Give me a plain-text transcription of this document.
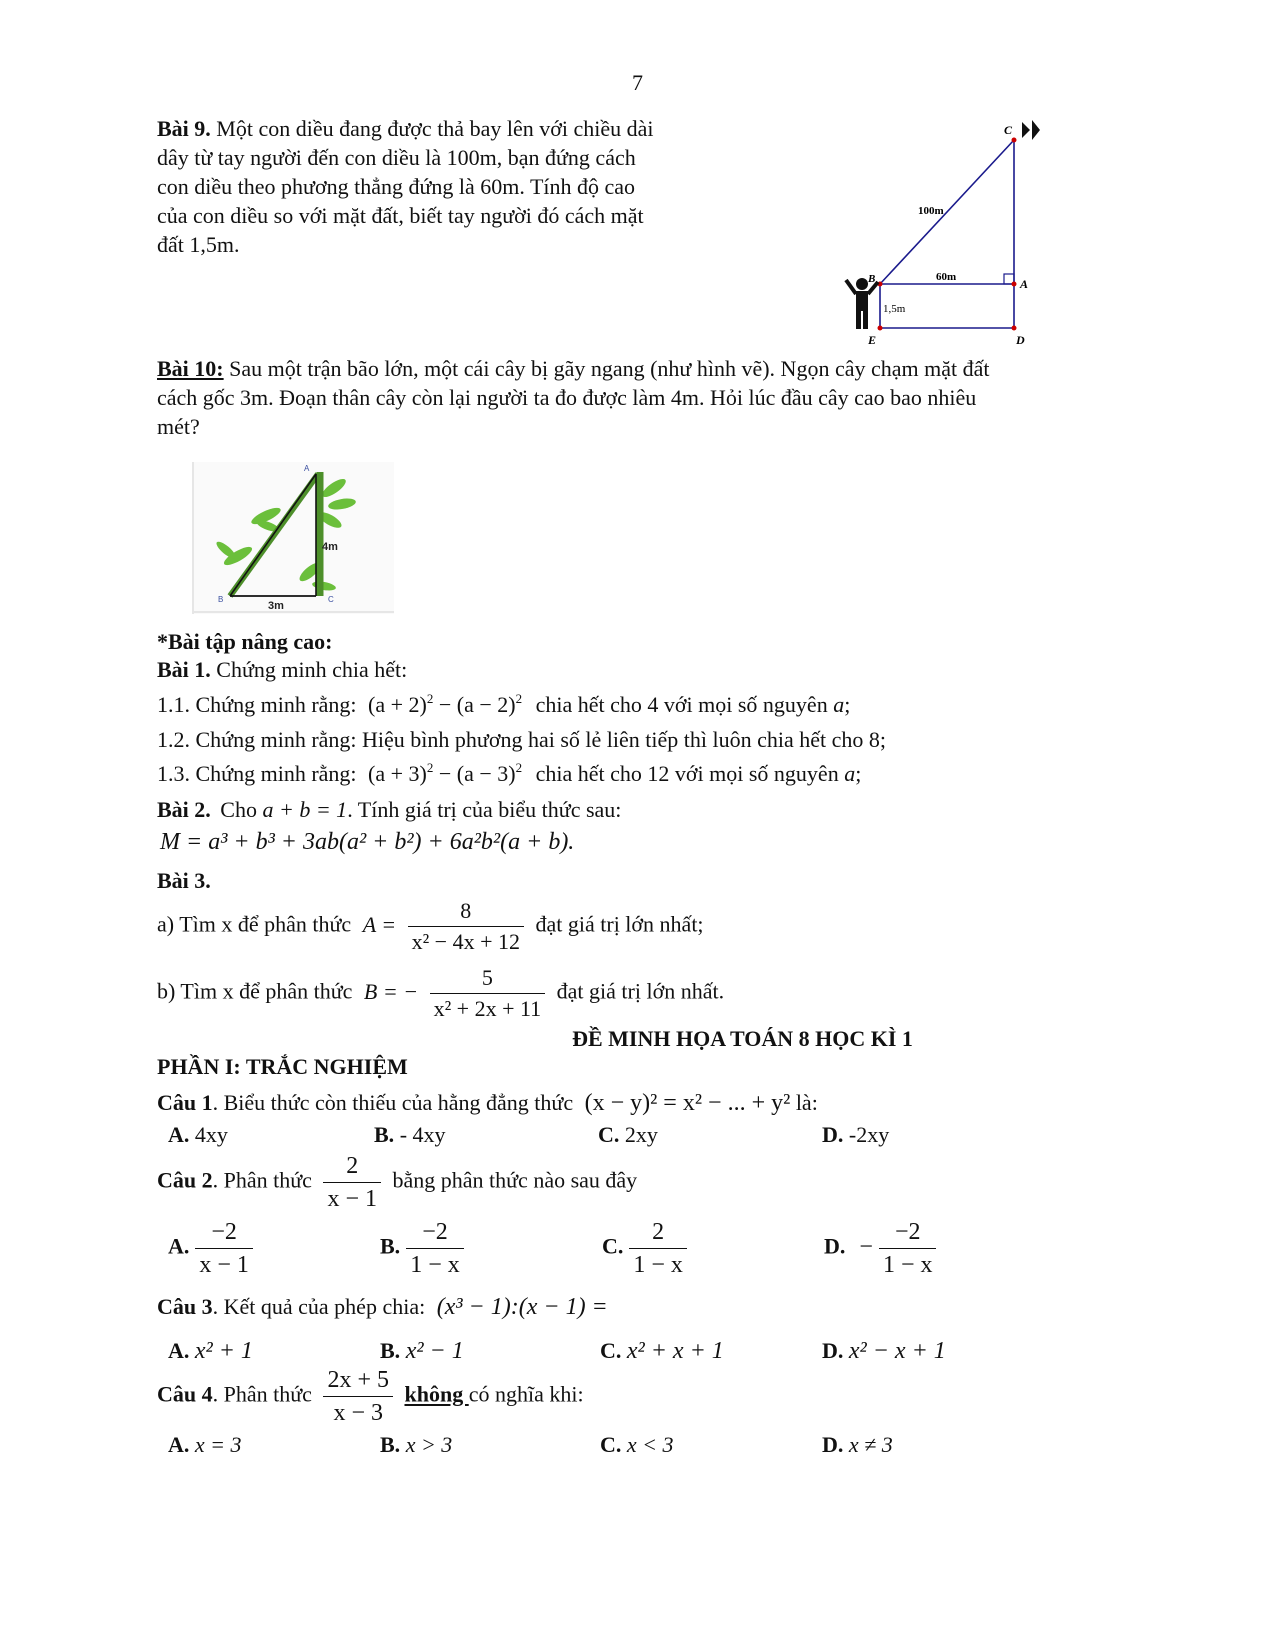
7
Bài 9. Một con diều đang được thả bay lên với chiều dài
dây từ tay người đến con diều là 100m, bạn đứng cách
con diều theo phương thẳng đứng là 60m. Tính độ cao
của con diều so với mặt đất, biết tay người đó cách mặt
đất 1,5m.
C
B	A
E	D
100m
60m
1,5m
Bài 10: Sau một trận bão lớn, một cái cây bị gãy ngang (như hình vẽ). Ngọn cây chạm mặt đất
cách gốc 3m. Đoạn thân cây còn lại người ta đo được làm 4m. Hỏi lúc đầu cây cao bao nhiêu
mét?
A
B	C
4m
3m
*Bài tập nâng cao:
Bài 1. Chứng minh chia hết:
1.1. Chứng minh rằng: $(a + 2)^2 - (a - 2)^2$ chia hết cho 4 với mọi số nguyên a;
1.2. Chứng minh rằng: Hiệu bình phương hai số lẻ liên tiếp thì luôn chia hết cho 8;
1.3. Chứng minh rằng: $(a + 3)^2 - (a - 3)^2$ chia hết cho 12 với mọi số nguyên a;
Bài 2. Cho a + b = 1. Tính giá trị của biểu thức sau:
M = a³ + b³ + 3ab(a² + b²) + 6a²b²(a + b).
Bài 3.
a) Tìm x để phân thức $A = \frac{8}{\text{x² − 4x + 12}}$ đạt giá trị lớn nhất;
b) Tìm x để phân thức B = − $\frac{5}{\text{x² + 2x + 11}}$ đạt giá trị lớn nhất.
ĐỀ MINH HỌA TOÁN 8 HỌC KÌ 1
PHẦN I: TRẮC NGHIỆM
Câu 1. Biểu thức còn thiếu của hằng đẳng thức (x − y)² = x² − ... + y² là:
A. 4xy	B. - 4xy	C. 2xy	D. -2xy
Câu 2. Phân thức $\frac{2}{x - 1}$ bằng phân thức nào sau đây
A. $\frac{-2}{x - 1}$	B. $\frac{-2}{1 - x}$	C. $\frac{2}{1 - x}$	D. − $\frac{-2}{1 - x}$
Câu 3. Kết quả của phép chia: (x³ − 1):(x − 1) =
A. x² + 1	B. x² − 1	C. x² + x + 1	D. x² − x + 1
Câu 4. Phân thức $\frac{2x + 5}{x - 3}$ không có nghĩa khi:
A. x = 3	B. x > 3	C. x < 3	D. x ≠ 3
